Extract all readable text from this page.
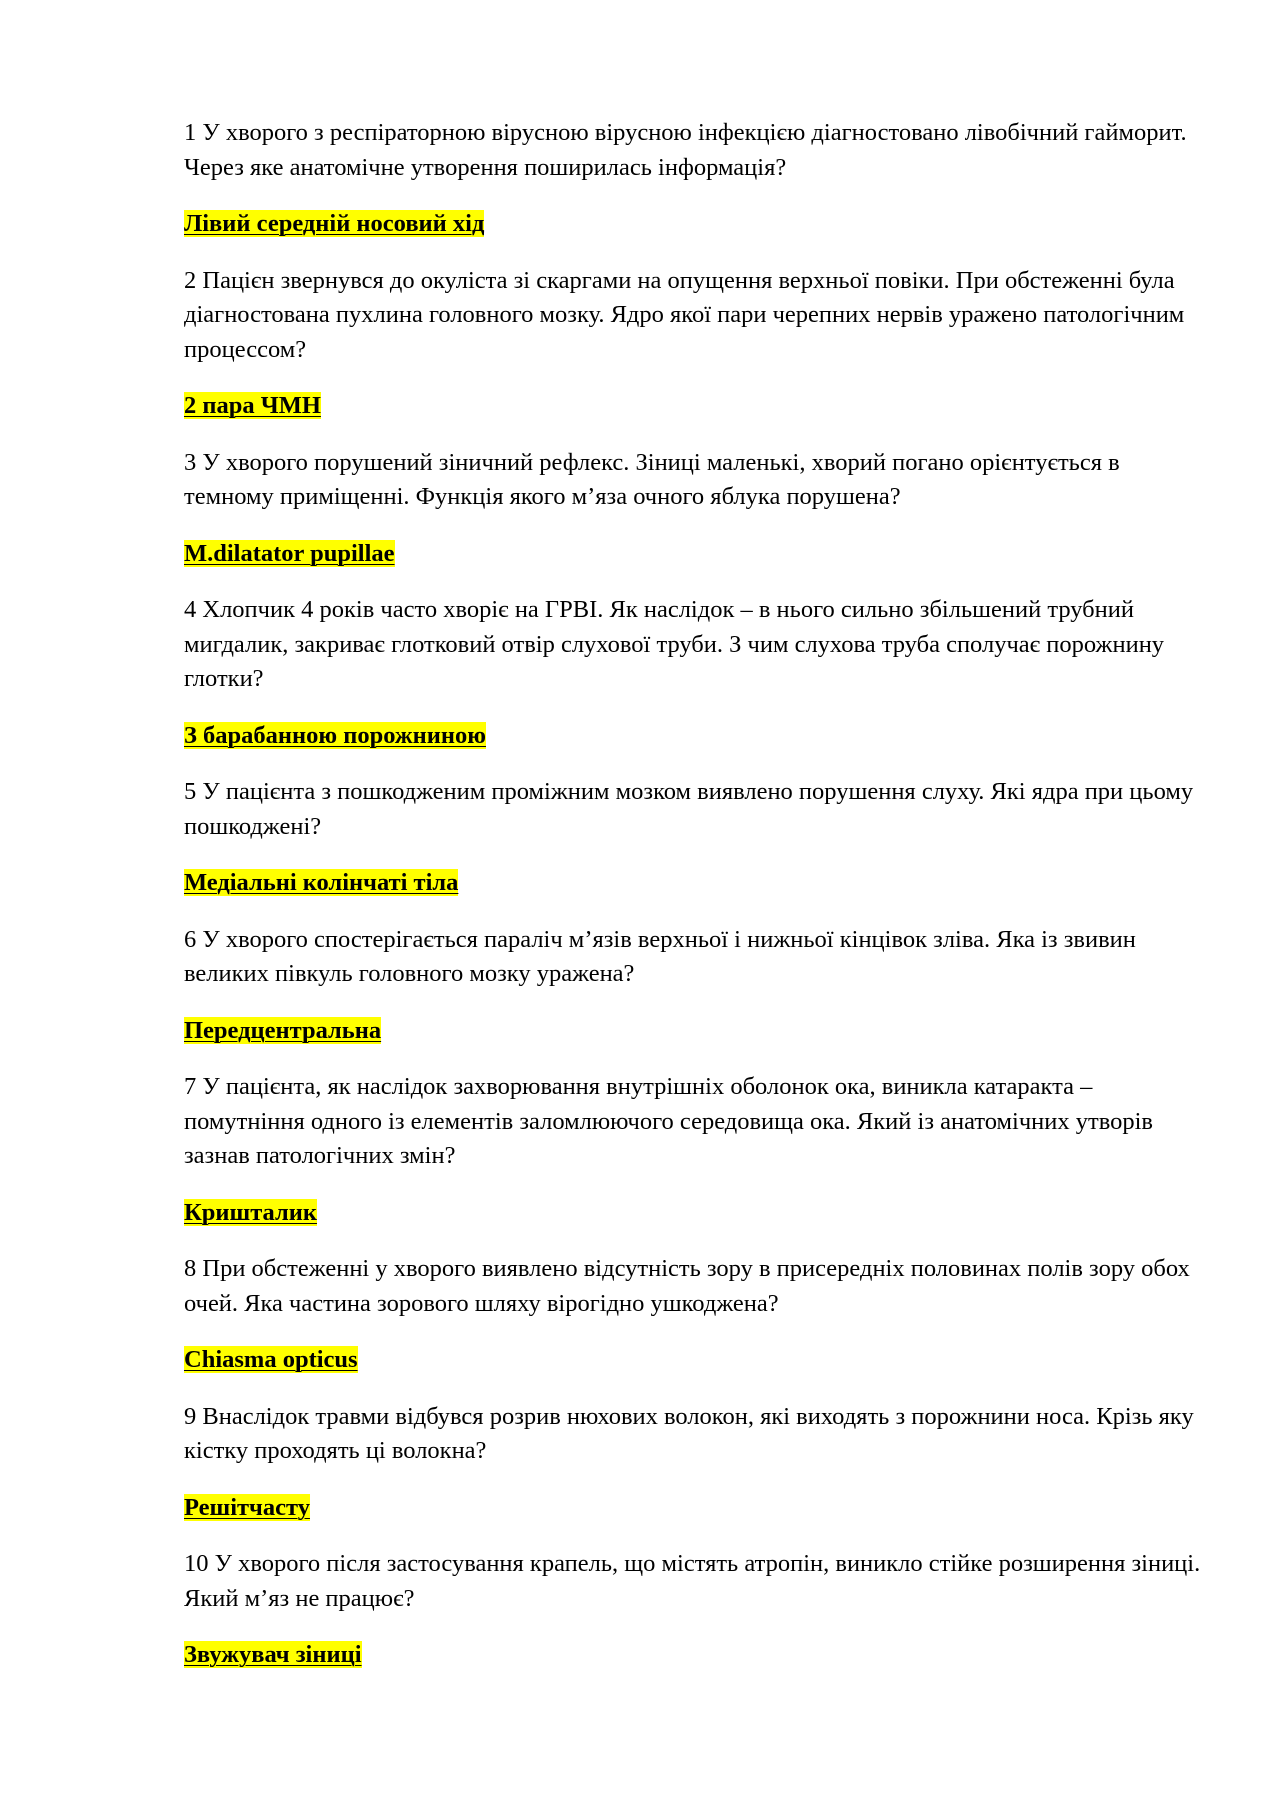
1 У хворого з респіраторною вірусною вірусною інфекцією діагностовано лівобічний гайморит. Через яке анатомічне утворення поширилась інформація?

Лівий середній носовий хід

2 Пацієн звернувся до окуліста зі скаргами на опущення верхньої повіки. При обстеженні була діагностована пухлина головного мозку. Ядро якої пари черепних нервів уражено патологічним процессом?

2 пара ЧМН

3 У хворого порушений зіничний рефлекс. Зіниці маленькі, хворий погано орієнтується в темному приміщенні. Функція якого м’яза очного яблука порушена?

M.dilatator pupillae

4 Хлопчик 4 років часто хворіє на ГРВІ. Як наслідок – в нього сильно збільшений трубний мигдалик, закриває глотковий отвір слухової труби. З чим слухова труба сполучає порожнину глотки?

З барабанною порожниною

5 У пацієнта з пошкодженим проміжним мозком виявлено порушення слуху. Які ядра при цьому пошкоджені?

Медіальні колінчаті тіла

6 У хворого спостерігається параліч м’язів верхньої і нижньої кінцівок зліва. Яка із звивин великих півкуль головного мозку уражена?

Передцентральна

7 У пацієнта, як наслідок захворювання внутрішніх оболонок ока, виникла катаракта – помутніння одного із елементів заломлюючого середовища ока. Який із анатомічних утворів зазнав патологічних змін?

Кришталик

8 При обстеженні у хворого виявлено відсутність зору в присередніх половинах полів зору обох очей. Яка частина зорового шляху вірогідно ушкоджена?

Chiasma opticus

9 Внаслідок травми відбувся розрив нюхових волокон, які виходять з порожнини носа. Крізь яку кістку проходять ці волокна?

Решітчасту

10 У хворого після застосування крапель, що містять атропін, виникло стійке розширення зіниці. Який м’яз не працює?

Звужувач зіниці
